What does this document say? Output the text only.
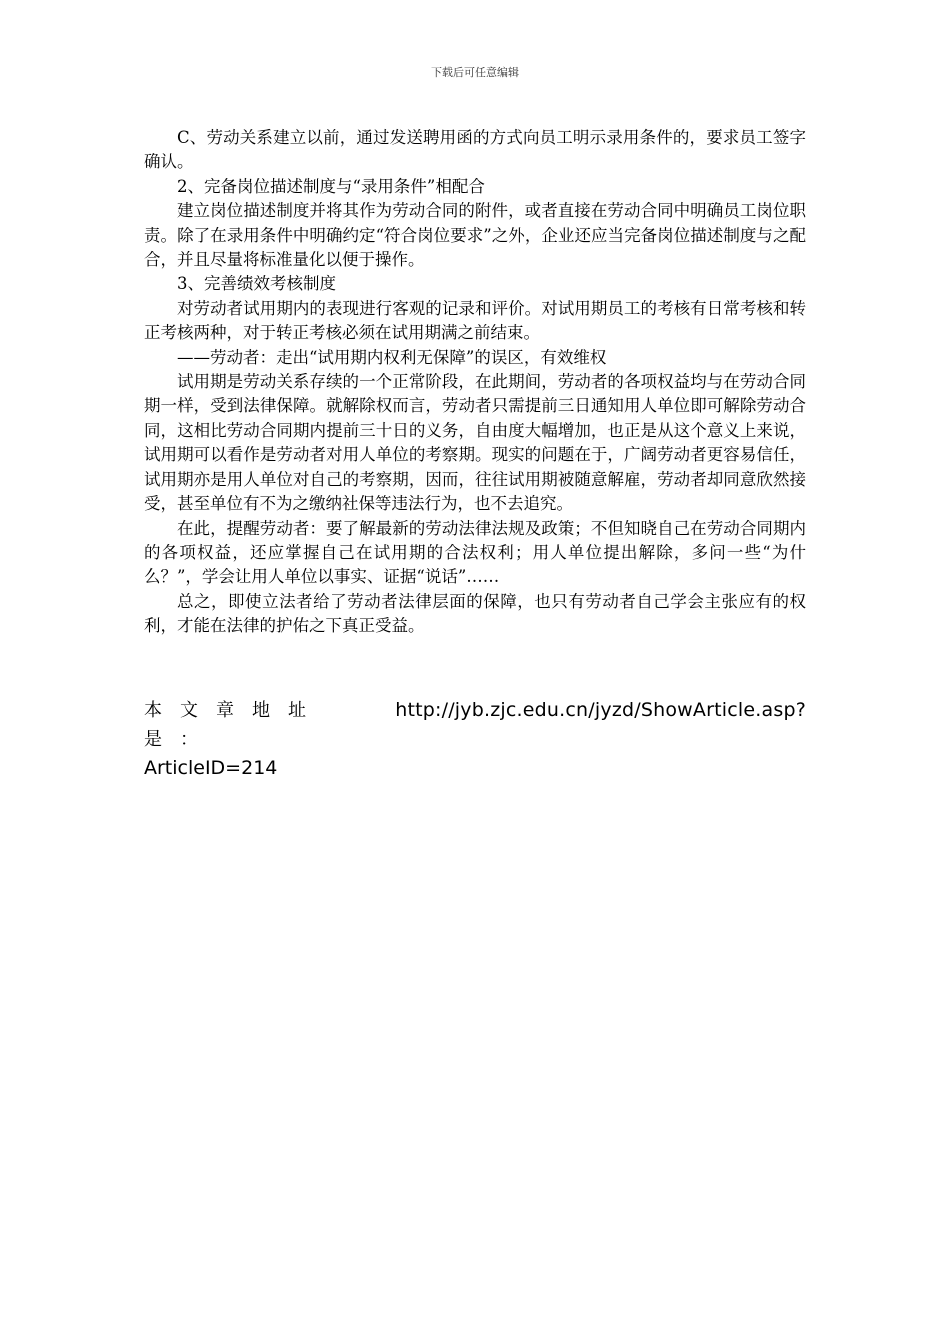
下载后可任意编辑

C、劳动关系建立以前，通过发送聘用函的方式向员工明示录用条件的，要求员工签字确认。

2、完备岗位描述制度与“录用条件”相配合

建立岗位描述制度并将其作为劳动合同的附件，或者直接在劳动合同中明确员工岗位职责。除了在录用条件中明确约定“符合岗位要求”之外，企业还应当完备岗位描述制度与之配合，并且尽量将标准量化以便于操作。

3、完善绩效考核制度

对劳动者试用期内的表现进行客观的记录和评价。对试用期员工的考核有日常考核和转正考核两种，对于转正考核必须在试用期满之前结束。

——劳动者：走出“试用期内权利无保障”的误区，有效维权

试用期是劳动关系存续的一个正常阶段，在此期间，劳动者的各项权益均与在劳动合同期一样，受到法律保障。就解除权而言，劳动者只需提前三日通知用人单位即可解除劳动合同，这相比劳动合同期内提前三十日的义务，自由度大幅增加，也正是从这个意义上来说，试用期可以看作是劳动者对用人单位的考察期。现实的问题在于，广阔劳动者更容易信任，试用期亦是用人单位对自己的考察期，因而，往往试用期被随意解雇，劳动者却同意欣然接受，甚至单位有不为之缴纳社保等违法行为，也不去追究。

在此，提醒劳动者：要了解最新的劳动法律法规及政策；不但知晓自己在劳动合同期内的各项权益，还应掌握自己在试用期的合法权利；用人单位提出解除，多问一些“为什么？”，学会让用人单位以事实、证据“说话”……

总之，即使立法者给了劳动者法律层面的保障，也只有劳动者自己学会主张应有的权利，才能在法律的护佑之下真正受益。

本文章地址是：
http://jyb.zjc.edu.cn/jyzd/ShowArticle.asp?
ArticleID=214
